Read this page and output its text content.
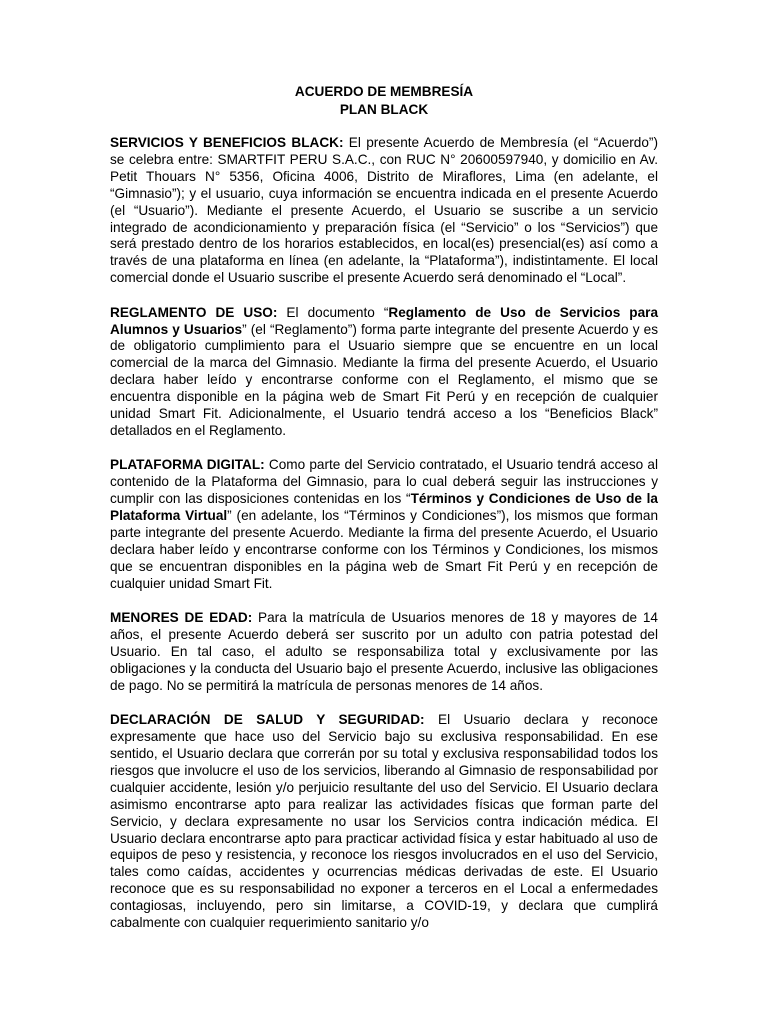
ACUERDO DE MEMBRESÍA

PLAN BLACK

SERVICIOS Y BENEFICIOS BLACK: El presente Acuerdo de Membresía (el “Acuerdo”) se celebra entre: SMARTFIT PERU S.A.C., con RUC N° 20600597940, y domicilio en Av. Petit Thouars N° 5356, Oficina 4006, Distrito de Miraflores, Lima (en adelante, el “Gimnasio”); y el usuario, cuya información se encuentra indicada en el presente Acuerdo (el “Usuario”). Mediante el presente Acuerdo, el Usuario se suscribe a un servicio integrado de acondicionamiento y preparación física (el “Servicio” o los “Servicios”) que será prestado dentro de los horarios establecidos, en local(es) presencial(es) así como a través de una plataforma en línea (en adelante, la “Plataforma”), indistintamente. El local comercial donde el Usuario suscribe el presente Acuerdo será denominado el “Local”.

REGLAMENTO DE USO: El documento “Reglamento de Uso de Servicios para Alumnos y Usuarios” (el “Reglamento”) forma parte integrante del presente Acuerdo y es de obligatorio cumplimiento para el Usuario siempre que se encuentre en un local comercial de la marca del Gimnasio. Mediante la firma del presente Acuerdo, el Usuario declara haber leído y encontrarse conforme con el Reglamento, el mismo que se encuentra disponible en la página web de Smart Fit Perú y en recepción de cualquier unidad Smart Fit. Adicionalmente, el Usuario tendrá acceso a los “Beneficios Black” detallados en el Reglamento.

PLATAFORMA DIGITAL: Como parte del Servicio contratado, el Usuario tendrá acceso al contenido de la Plataforma del Gimnasio, para lo cual deberá seguir las instrucciones y cumplir con las disposiciones contenidas en los “Términos y Condiciones de Uso de la Plataforma Virtual” (en adelante, los “Términos y Condiciones”), los mismos que forman parte integrante del presente Acuerdo. Mediante la firma del presente Acuerdo, el Usuario declara haber leído y encontrarse conforme con los Términos y Condiciones, los mismos que se encuentran disponibles en la página web de Smart Fit Perú y en recepción de cualquier unidad Smart Fit.

MENORES DE EDAD: Para la matrícula de Usuarios menores de 18 y mayores de 14 años, el presente Acuerdo deberá ser suscrito por un adulto con patria potestad del Usuario. En tal caso, el adulto se responsabiliza total y exclusivamente por las obligaciones y la conducta del Usuario bajo el presente Acuerdo, inclusive las obligaciones de pago. No se permitirá la matrícula de personas menores de 14 años.

DECLARACIÓN DE SALUD Y SEGURIDAD: El Usuario declara y reconoce expresamente que hace uso del Servicio bajo su exclusiva responsabilidad. En ese sentido, el Usuario declara que correrán por su total y exclusiva responsabilidad todos los riesgos que involucre el uso de los servicios, liberando al Gimnasio de responsabilidad por cualquier accidente, lesión y/o perjuicio resultante del uso del Servicio. El Usuario declara asimismo encontrarse apto para realizar las actividades físicas que forman parte del Servicio, y declara expresamente no usar los Servicios contra indicación médica. El Usuario declara encontrarse apto para practicar actividad física y estar habituado al uso de equipos de peso y resistencia, y reconoce los riesgos involucrados en el uso del Servicio, tales como caídas, accidentes y ocurrencias médicas derivadas de este. El Usuario reconoce que es su responsabilidad no exponer a terceros en el Local a enfermedades contagiosas, incluyendo, pero sin limitarse, a COVID-19, y declara que cumplirá cabalmente con cualquier requerimiento sanitario y/o
